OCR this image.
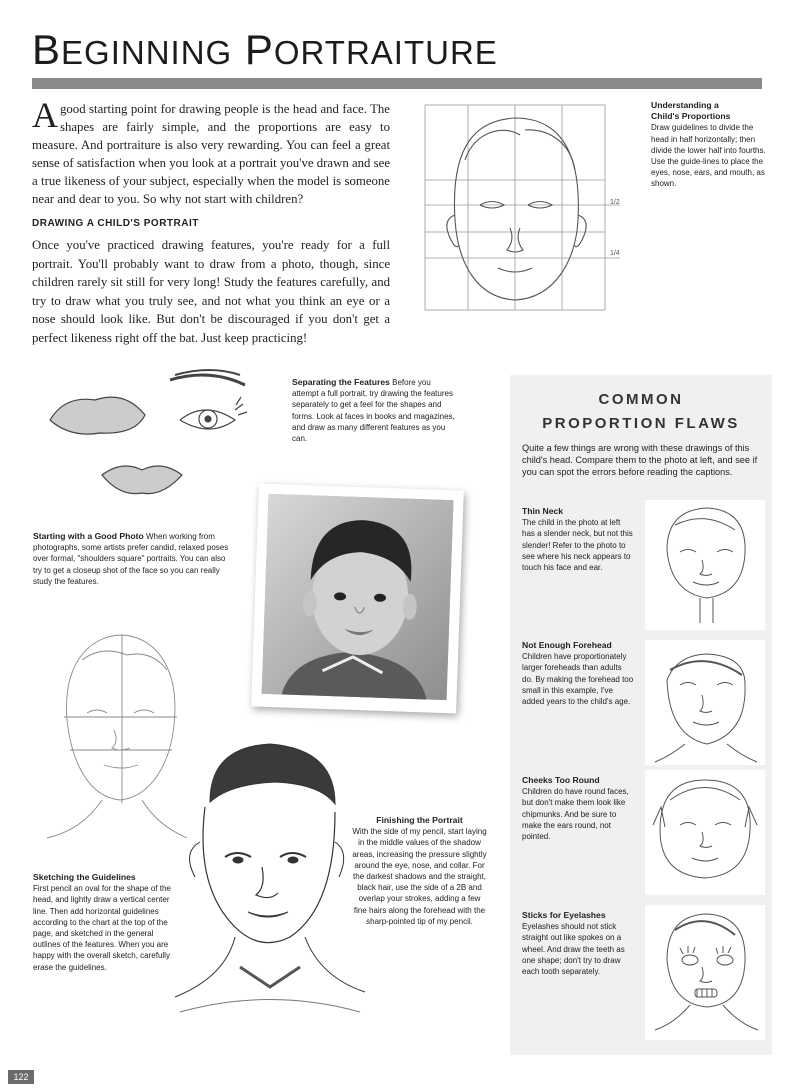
BEGINNING PORTRAITURE
Agood starting point for drawing people is the head and face. The shapes are fairly simple, and the proportions are easy to measure. And portraiture is also very rewarding. You can feel a great sense of satisfaction when you look at a portrait you've drawn and see a true likeness of your subject, especially when the model is someone near and dear to you. So why not start with children?
DRAWING A CHILD'S PORTRAIT
Once you've practiced drawing features, you're ready for a full portrait. You'll probably want to draw from a photo, though, since children rarely sit still for very long! Study the features carefully, and try to draw what you truly see, and not what you think an eye or a nose should look like. But don't be discouraged if you don't get a perfect likeness right off the bat. Just keep practicing!
1/2
1/4
Understanding a
Child's Proportions
Draw guidelines to divide the head in half horizontally; then divide the lower half into fourths. Use the guide-lines to place the eyes, nose, ears, and mouth, as shown.
Separating the Features Before you attempt a full portrait, try drawing the features separately to get a feel for the shapes and forms. Look at faces in books and magazines, and draw as many different features as you can.
Starting with a Good Photo When working from photographs, some artists prefer candid, relaxed poses over formal, "shoulders square" portraits. You can also try to get a closeup shot of the face so you can really study the features.
Sketching the Guidelines
First pencil an oval for the shape of the head, and lightly draw a vertical center line. Then add horizontal guidelines according to the chart at the top of the page, and sketched in the general outlines of the features. When you are happy with the overall sketch, carefully erase the guidelines.
Finishing the Portrait
With the side of my pencil, start laying in the middle values of the shadow areas, increasing the pressure slightly around the eye, nose, and collar. For the darkest shadows and the straight, black hair, use the side of a 2B and overlap your strokes, adding a few fine hairs along the forehead with the sharp-pointed tip of my pencil.
COMMON
PROPORTION FLAWS
Quite a few things are wrong with these drawings of this child's head. Compare them to the photo at left, and see if you can spot the errors before reading the captions.
Thin Neck
The child in the photo at left has a slender neck, but not this slender! Refer to the photo to see where his neck appears to touch his face and ear.
Not Enough Forehead
Children have proportionately larger foreheads than adults do. By making the forehead too small in this example, I've added years to the child's age.
Cheeks Too Round
Children do have round faces, but don't make them look like chipmunks. And be sure to make the ears round, not pointed.
Sticks for Eyelashes
Eyelashes should not stick straight out like spokes on a wheel. And draw the teeth as one shape; don't try to draw each tooth separately.
122
